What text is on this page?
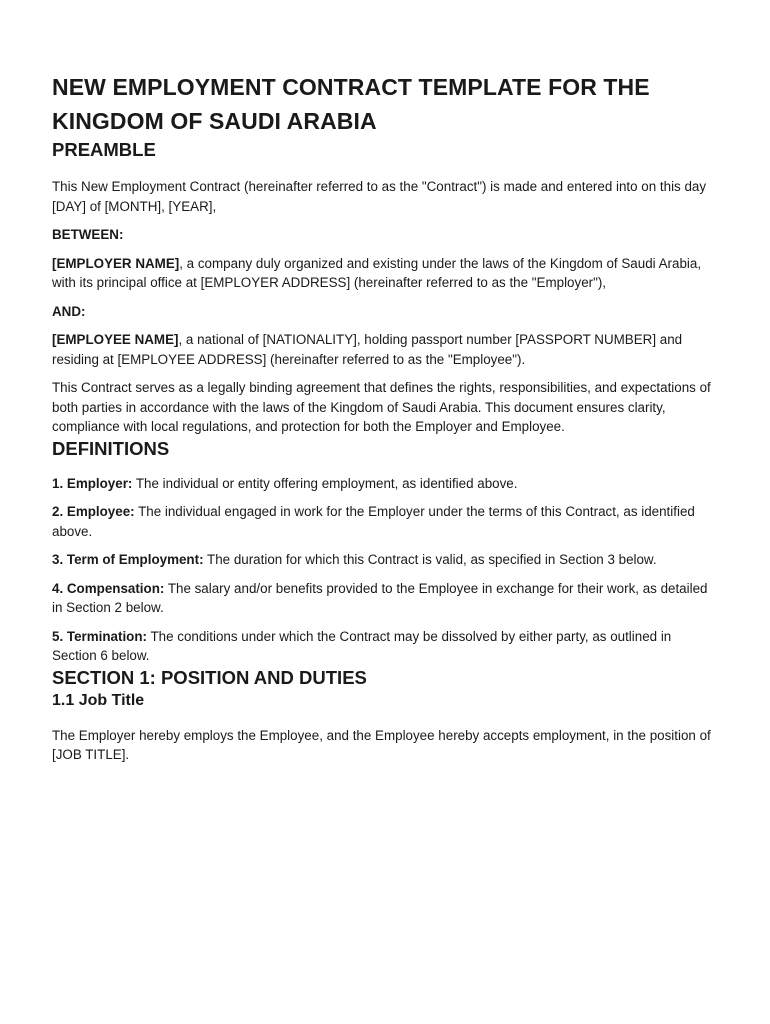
NEW EMPLOYMENT CONTRACT TEMPLATE FOR THE KINGDOM OF SAUDI ARABIA
PREAMBLE

This New Employment Contract (hereinafter referred to as the "Contract") is made and entered into on this day [DAY] of [MONTH], [YEAR],

BETWEEN:

[EMPLOYER NAME], a company duly organized and existing under the laws of the Kingdom of Saudi Arabia, with its principal office at [EMPLOYER ADDRESS] (hereinafter referred to as the "Employer"),

AND:

[EMPLOYEE NAME], a national of [NATIONALITY], holding passport number [PASSPORT NUMBER] and residing at [EMPLOYEE ADDRESS] (hereinafter referred to as the "Employee").

This Contract serves as a legally binding agreement that defines the rights, responsibilities, and expectations of both parties in accordance with the laws of the Kingdom of Saudi Arabia. This document ensures clarity, compliance with local regulations, and protection for both the Employer and Employee.

DEFINITIONS

1. Employer: The individual or entity offering employment, as identified above.

2. Employee: The individual engaged in work for the Employer under the terms of this Contract, as identified above.

3. Term of Employment: The duration for which this Contract is valid, as specified in Section 3 below.

4. Compensation: The salary and/or benefits provided to the Employee in exchange for their work, as detailed in Section 2 below.

5. Termination: The conditions under which the Contract may be dissolved by either party, as outlined in Section 6 below.

SECTION 1: POSITION AND DUTIES
1.1 Job Title

The Employer hereby employs the Employee, and the Employee hereby accepts employment, in the position of [JOB TITLE].
